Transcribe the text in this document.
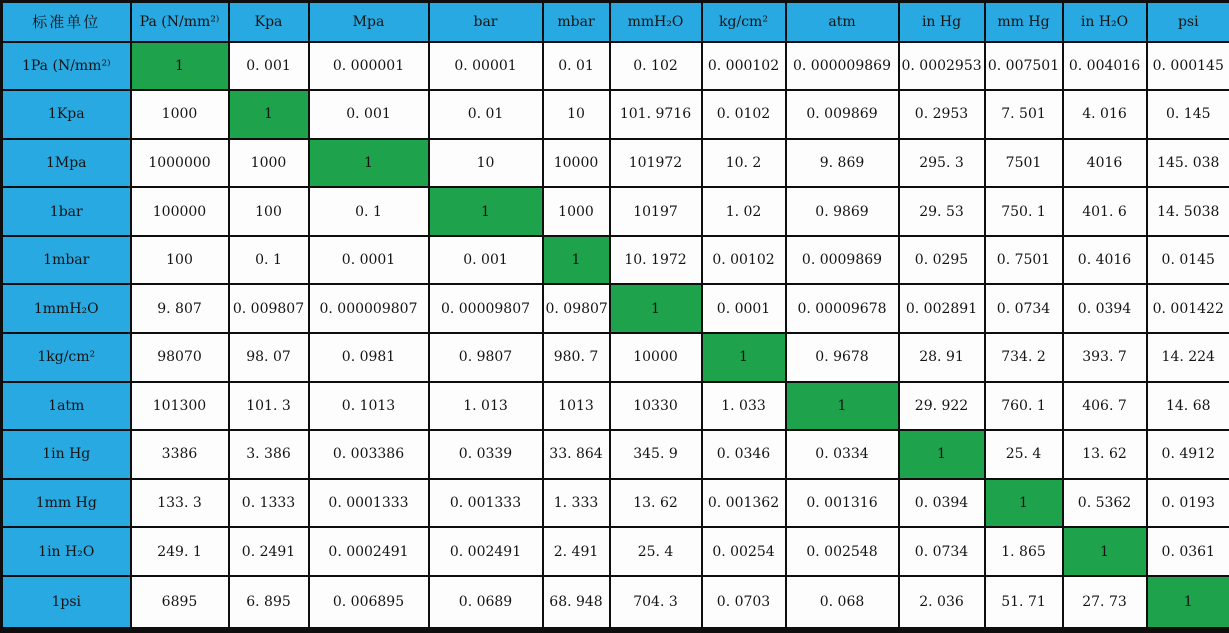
标准单位	Pa (N/mm²⁾	Kpa	Mpa	bar	mbar	mmH₂O	kg/cm²	atm	in Hg	mm Hg	in H₂O	psi
1Pa (N/mm²⁾	1	0. 001	0. 000001	0. 00001	0. 01	0. 102	0. 000102	0. 000009869	0. 0002953	0. 007501	0. 004016	0. 000145
1Kpa	1000	1	0. 001	0. 01	10	101. 9716	0. 0102	0. 009869	0. 2953	7. 501	4. 016	0. 145
1Mpa	1000000	1000	1	10	10000	101972	10. 2	9. 869	295. 3	7501	4016	145. 038
1bar	100000	100	0. 1	1	1000	10197	1. 02	0. 9869	29. 53	750. 1	401. 6	14. 5038
1mbar	100	0. 1	0. 0001	0. 001	1	10. 1972	0. 00102	0. 0009869	0. 0295	0. 7501	0. 4016	0. 0145
1mmH₂O	9. 807	0. 009807	0. 000009807	0. 00009807	0. 09807	1	0. 0001	0. 00009678	0. 002891	0. 0734	0. 0394	0. 001422
1kg/cm²	98070	98. 07	0. 0981	0. 9807	980. 7	10000	1	0. 9678	28. 91	734. 2	393. 7	14. 224
1atm	101300	101. 3	0. 1013	1. 013	1013	10330	1. 033	1	29. 922	760. 1	406. 7	14. 68
1in Hg	3386	3. 386	0. 003386	0. 0339	33. 864	345. 9	0. 0346	0. 0334	1	25. 4	13. 62	0. 4912
1mm Hg	133. 3	0. 1333	0. 0001333	0. 001333	1. 333	13. 62	0. 001362	0. 001316	0. 0394	1	0. 5362	0. 0193
1in H₂O	249. 1	0. 2491	0. 0002491	0. 002491	2. 491	25. 4	0. 00254	0. 002548	0. 0734	1. 865	1	0. 0361
1psi	6895	6. 895	0. 006895	0. 0689	68. 948	704. 3	0. 0703	0. 068	2. 036	51. 71	27. 73	1
